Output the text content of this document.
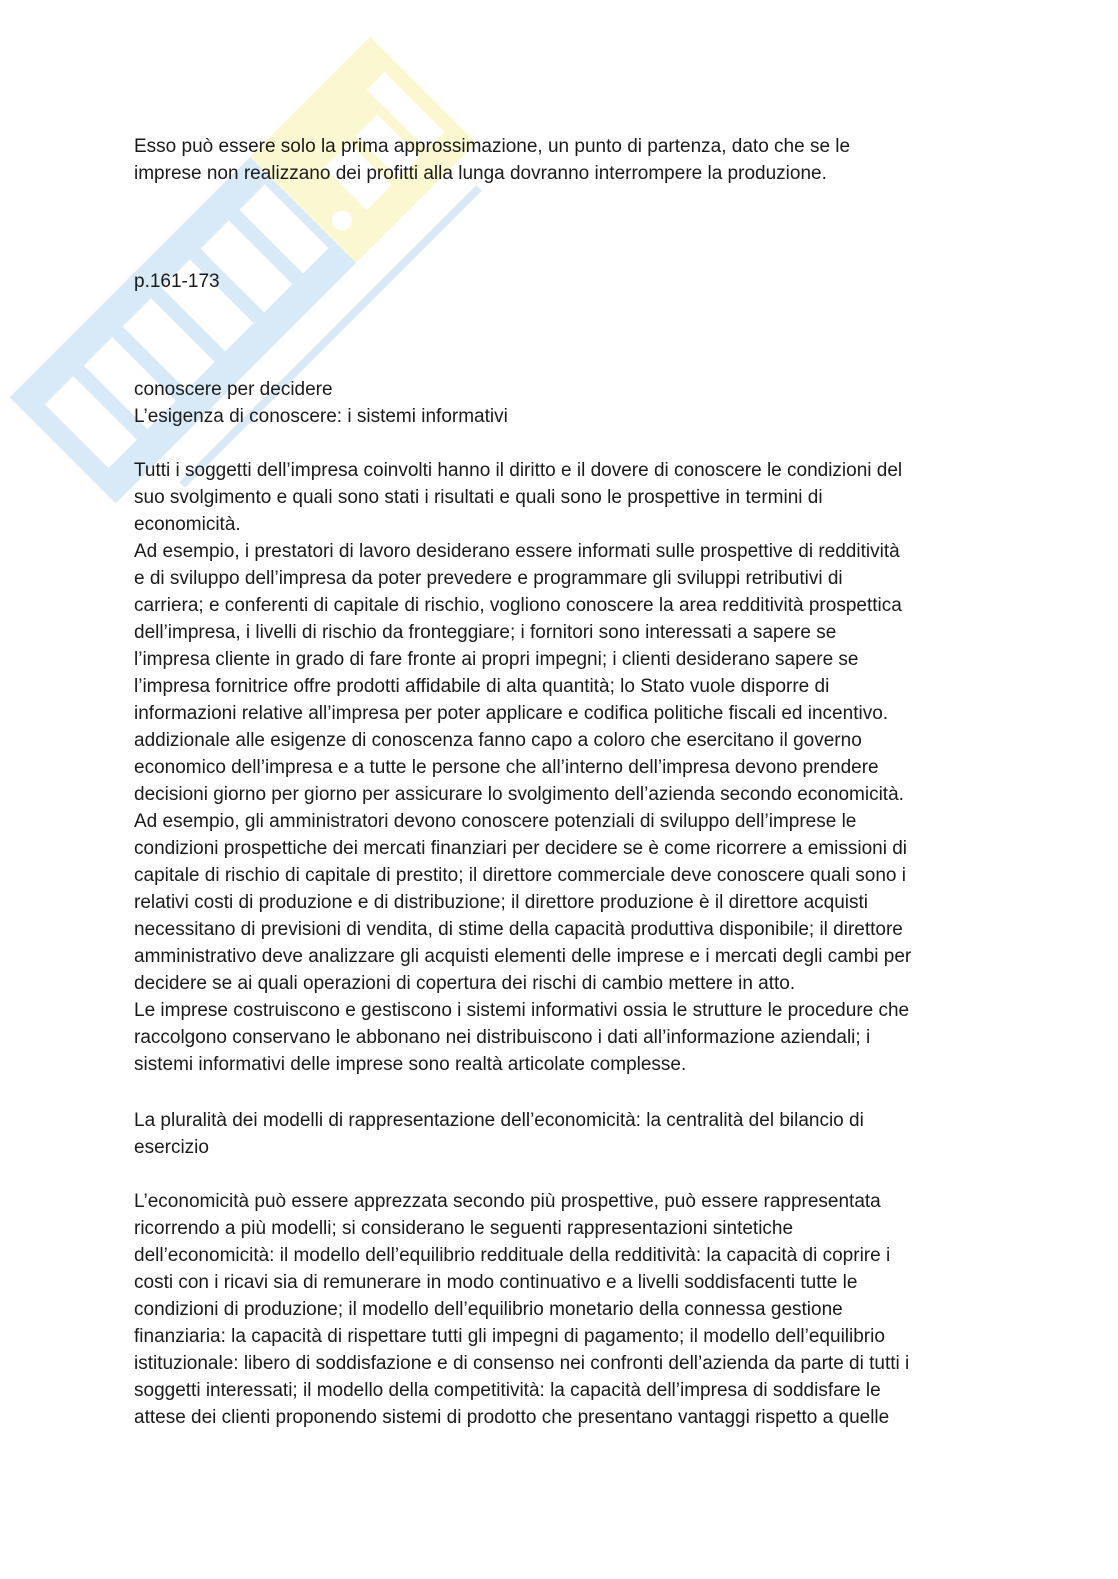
Esso può essere solo la prima approssimazione, un punto di partenza, dato che se le
imprese non realizzano dei profitti alla lunga dovranno interrompere la produzione.
p.161-173
conoscere per decidere
L’esigenza di conoscere: i sistemi informativi
Tutti i soggetti dell’impresa coinvolti hanno il diritto e il dovere di conoscere le condizioni del
suo svolgimento e quali sono stati i risultati e quali sono le prospettive in termini di
economicità.
Ad esempio, i prestatori di lavoro desiderano essere informati sulle prospettive di redditività
e di sviluppo dell’impresa da poter prevedere e programmare gli sviluppi retributivi di
carriera; e conferenti di capitale di rischio, vogliono conoscere la area redditività prospettica
dell’impresa, i livelli di rischio da fronteggiare; i fornitori sono interessati a sapere se
l’impresa cliente in grado di fare fronte ai propri impegni; i clienti desiderano sapere se
l’impresa fornitrice offre prodotti affidabile di alta quantità; lo Stato vuole disporre di
informazioni relative all’impresa per poter applicare e codifica politiche fiscali ed incentivo.
addizionale alle esigenze di conoscenza fanno capo a coloro che esercitano il governo
economico dell’impresa e a tutte le persone che all’interno dell’impresa devono prendere
decisioni giorno per giorno per assicurare lo svolgimento dell’azienda secondo economicità.
Ad esempio, gli amministratori devono conoscere potenziali di sviluppo dell’imprese le
condizioni prospettiche dei mercati finanziari per decidere se è come ricorrere a emissioni di
capitale di rischio di capitale di prestito; il direttore commerciale deve conoscere quali sono i
relativi costi di produzione e di distribuzione; il direttore produzione è il direttore acquisti
necessitano di previsioni di vendita, di stime della capacità produttiva disponibile; il direttore
amministrativo deve analizzare gli acquisti elementi delle imprese e i mercati degli cambi per
decidere se ai quali operazioni di copertura dei rischi di cambio mettere in atto.
Le imprese costruiscono e gestiscono i sistemi informativi ossia le strutture le procedure che
raccolgono conservano le abbonano nei distribuiscono i dati all’informazione aziendali; i
sistemi informativi delle imprese sono realtà articolate complesse.
La pluralità dei modelli di rappresentazione dell’economicità: la centralità del bilancio di
esercizio
L’economicità può essere apprezzata secondo più prospettive, può essere rappresentata
ricorrendo a più modelli; si considerano le seguenti rappresentazioni sintetiche
dell’economicità: il modello dell’equilibrio reddituale della redditività: la capacità di coprire i
costi con i ricavi sia di remunerare in modo continuativo e a livelli soddisfacenti tutte le
condizioni di produzione; il modello dell’equilibrio monetario della connessa gestione
finanziaria: la capacità di rispettare tutti gli impegni di pagamento; il modello dell’equilibrio
istituzionale: libero di soddisfazione e di consenso nei confronti dell’azienda da parte di tutti i
soggetti interessati; il modello della competitività: la capacità dell’impresa di soddisfare le
attese dei clienti proponendo sistemi di prodotto che presentano vantaggi rispetto a quelle
